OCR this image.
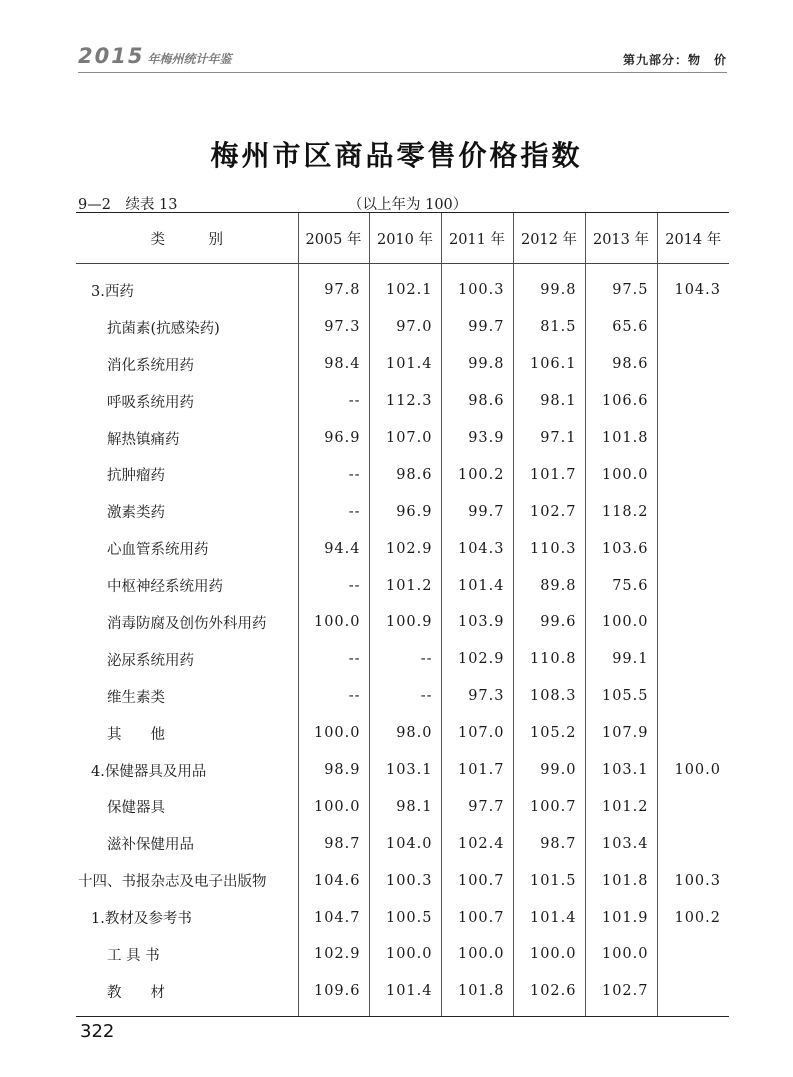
2015 年梅州统计年鉴	第九部分：物　价
梅州市区商品零售价格指数
9—2　续表 13	（以上年为 100）
类　　　别	2005 年	2010 年	2011 年	2012 年	2013 年	2014 年
3.西药	97.8	102.1	100.3	99.8	97.5	104.3
抗菌素(抗感染药)	97.3	97.0	99.7	81.5	65.6	
消化系统用药	98.4	101.4	99.8	106.1	98.6	
呼吸系统用药	--	112.3	98.6	98.1	106.6	
解热镇痛药	96.9	107.0	93.9	97.1	101.8	
抗肿瘤药	--	98.6	100.2	101.7	100.0	
激素类药	--	96.9	99.7	102.7	118.2	
心血管系统用药	94.4	102.9	104.3	110.3	103.6	
中枢神经系统用药	--	101.2	101.4	89.8	75.6	
消毒防腐及创伤外科用药	100.0	100.9	103.9	99.6	100.0	
泌尿系统用药	--	--	102.9	110.8	99.1	
维生素类	--	--	97.3	108.3	105.5	
其　　他	100.0	98.0	107.0	105.2	107.9	
4.保健器具及用品	98.9	103.1	101.7	99.0	103.1	100.0
保健器具	100.0	98.1	97.7	100.7	101.2	
滋补保健用品	98.7	104.0	102.4	98.7	103.4	
十四、书报杂志及电子出版物	104.6	100.3	100.7	101.5	101.8	100.3
1.教材及参考书	104.7	100.5	100.7	101.4	101.9	100.2
工 具 书	102.9	100.0	100.0	100.0	100.0	
教　　材	109.6	101.4	101.8	102.6	102.7	
322
